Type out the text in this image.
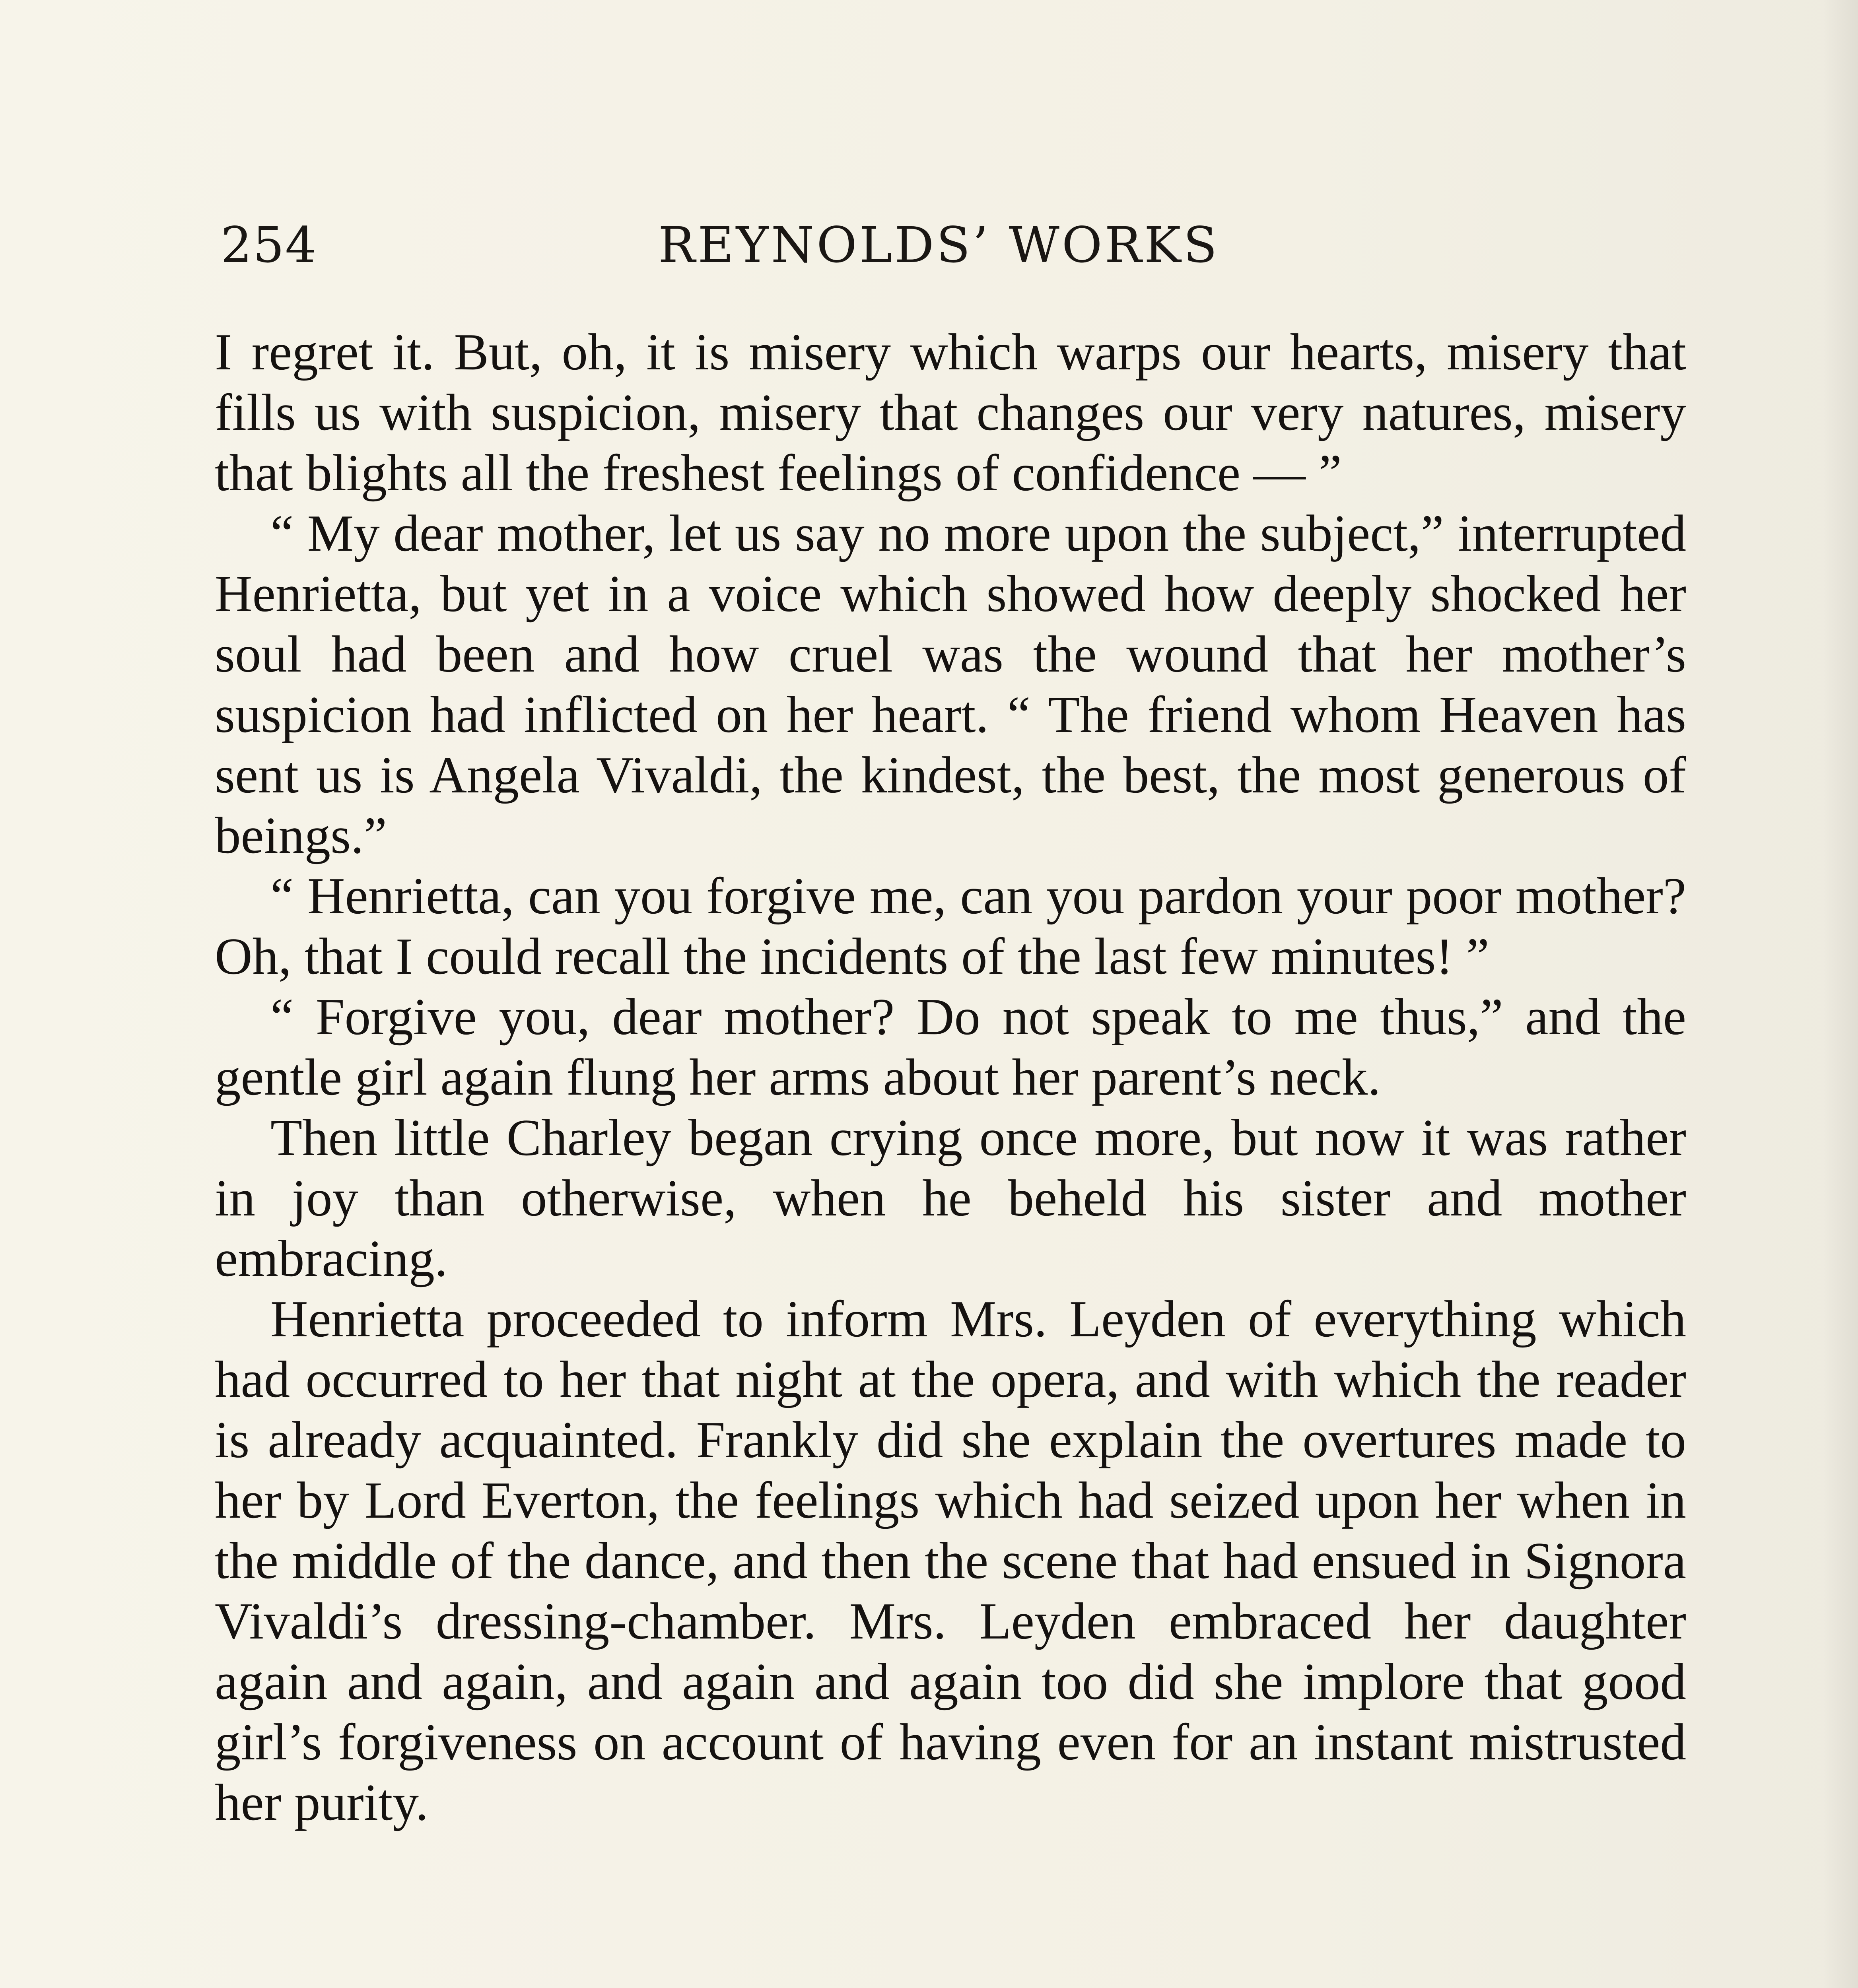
254	REYNOLDS’ WORKS

I regret it. But, oh, it is misery which warps our hearts, misery that fills us with suspicion, misery that changes our very natures, misery that blights all the freshest feelings of confidence — ”

“ My dear mother, let us say no more upon the subject,” interrupted Henrietta, but yet in a voice which showed how deeply shocked her soul had been and how cruel was the wound that her mother’s suspicion had inflicted on her heart. “ The friend whom Heaven has sent us is Angela Vivaldi, the kindest, the best, the most generous of beings.”

“ Henrietta, can you forgive me, can you pardon your poor mother? Oh, that I could recall the incidents of the last few minutes! ”

“ Forgive you, dear mother? Do not speak to me thus,” and the gentle girl again flung her arms about her parent’s neck.

Then little Charley began crying once more, but now it was rather in joy than otherwise, when he beheld his sister and mother embracing.

Henrietta proceeded to inform Mrs. Leyden of everything which had occurred to her that night at the opera, and with which the reader is already acquainted. Frankly did she explain the overtures made to her by Lord Everton, the feelings which had seized upon her when in the middle of the dance, and then the scene that had ensued in Signora Vivaldi’s dressing-chamber. Mrs. Leyden embraced her daughter again and again, and again and again too did she implore that good girl’s forgiveness on account of having even for an instant mistrusted her purity.
